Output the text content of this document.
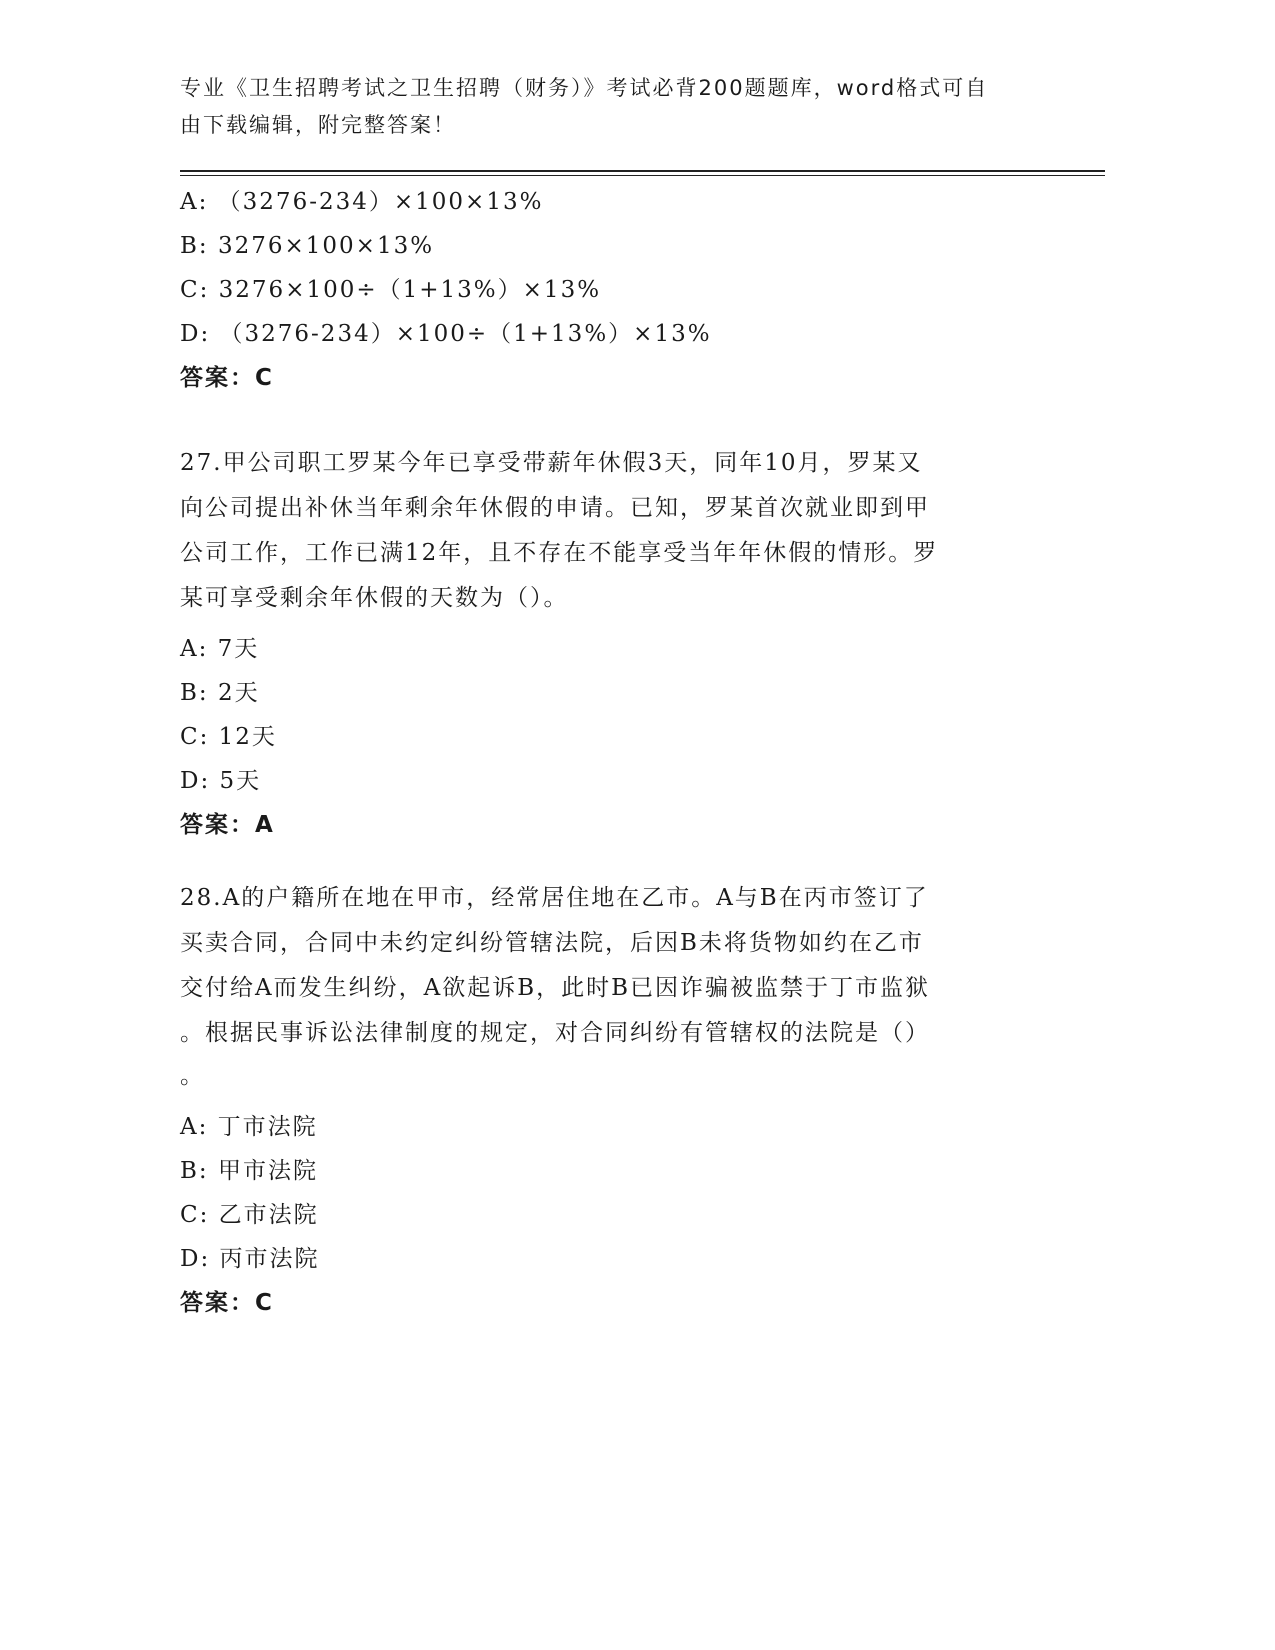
专业《卫生招聘考试之卫生招聘（财务）》考试必背200题题库，word格式可自
由下载编辑，附完整答案！
A: （3276-234）×100×13%
B: 3276×100×13%
C: 3276×100÷（1+13%）×13%
D: （3276-234）×100÷（1+13%）×13%
答案：C
27.甲公司职工罗某今年已享受带薪年休假3天，同年10月，罗某又
向公司提出补休当年剩余年休假的申请。已知，罗某首次就业即到甲
公司工作，工作已满12年，且不存在不能享受当年年休假的情形。罗
某可享受剩余年休假的天数为（）。
A: 7天
B: 2天
C: 12天
D: 5天
答案：A
28.A的户籍所在地在甲市，经常居住地在乙市。A与B在丙市签订了
买卖合同，合同中未约定纠纷管辖法院，后因B未将货物如约在乙市
交付给A而发生纠纷，A欲起诉B，此时B已因诈骗被监禁于丁市监狱
。根据民事诉讼法律制度的规定，对合同纠纷有管辖权的法院是（）
。
A: 丁市法院
B: 甲市法院
C: 乙市法院
D: 丙市法院
答案：C
